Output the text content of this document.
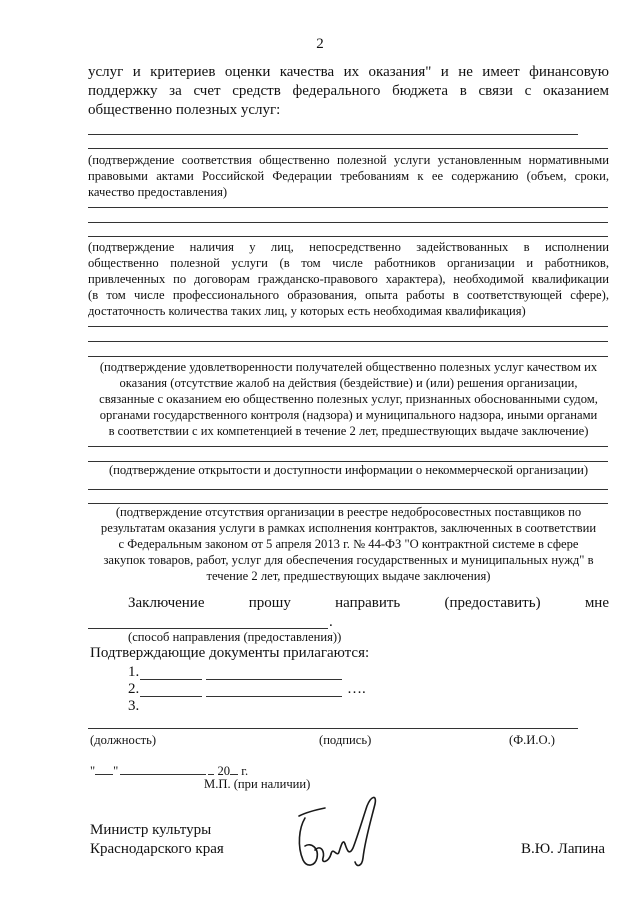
2
услуг и критериев оценки качества их оказания" и не имеет финансовую
поддержку за счет средств федерального бюджета в связи с оказанием
общественно полезных услуг:
(подтверждение соответствия общественно полезной услуги установленным нормативными
правовыми актами Российской Федерации требованиям к ее содержанию (объем, сроки,
качество предоставления)
(подтверждение наличия у лиц, непосредственно задействованных в исполнении
общественно полезной услуги (в том числе работников организации и работников,
привлеченных по договорам гражданско-правового характера), необходимой квалификации
(в том числе профессионального образования, опыта работы в соответствующей сфере),
достаточность количества таких лиц, у которых есть необходимая квалификация)
(подтверждение удовлетворенности получателей общественно полезных услуг качеством их
оказания (отсутствие жалоб на действия (бездействие) и (или) решения организации,
связанные с оказанием ею общественно полезных услуг, признанных обоснованными судом,
органами государственного контроля (надзора) и муниципального надзора, иными органами
в соответствии с их компетенцией в течение 2 лет, предшествующих выдаче заключение)
(подтверждение открытости и доступности информации о некоммерческой организации)
(подтверждение отсутствия организации в реестре недобросовестных поставщиков по
результатам оказания услуги в рамках исполнения контрактов, заключенных в соответствии
с Федеральным законом от 5 апреля 2013 г. № 44-ФЗ "О контрактной системе в сфере
закупок товаров, работ, услуг для обеспечения государственных и муниципальных нужд" в
течение 2 лет, предшествующих выдаче заключения)
Заключение	прошу	направить	(предоставить)	мне
.
(способ направления (предоставления))
Подтверждающие документы прилагаются:
1.
2.	….
3.
(должность)	(подпись)	(Ф.И.О.)
" "	20 г.
М.П. (при наличии)
Министр культуры
Краснодарского края	В.Ю. Лапина
